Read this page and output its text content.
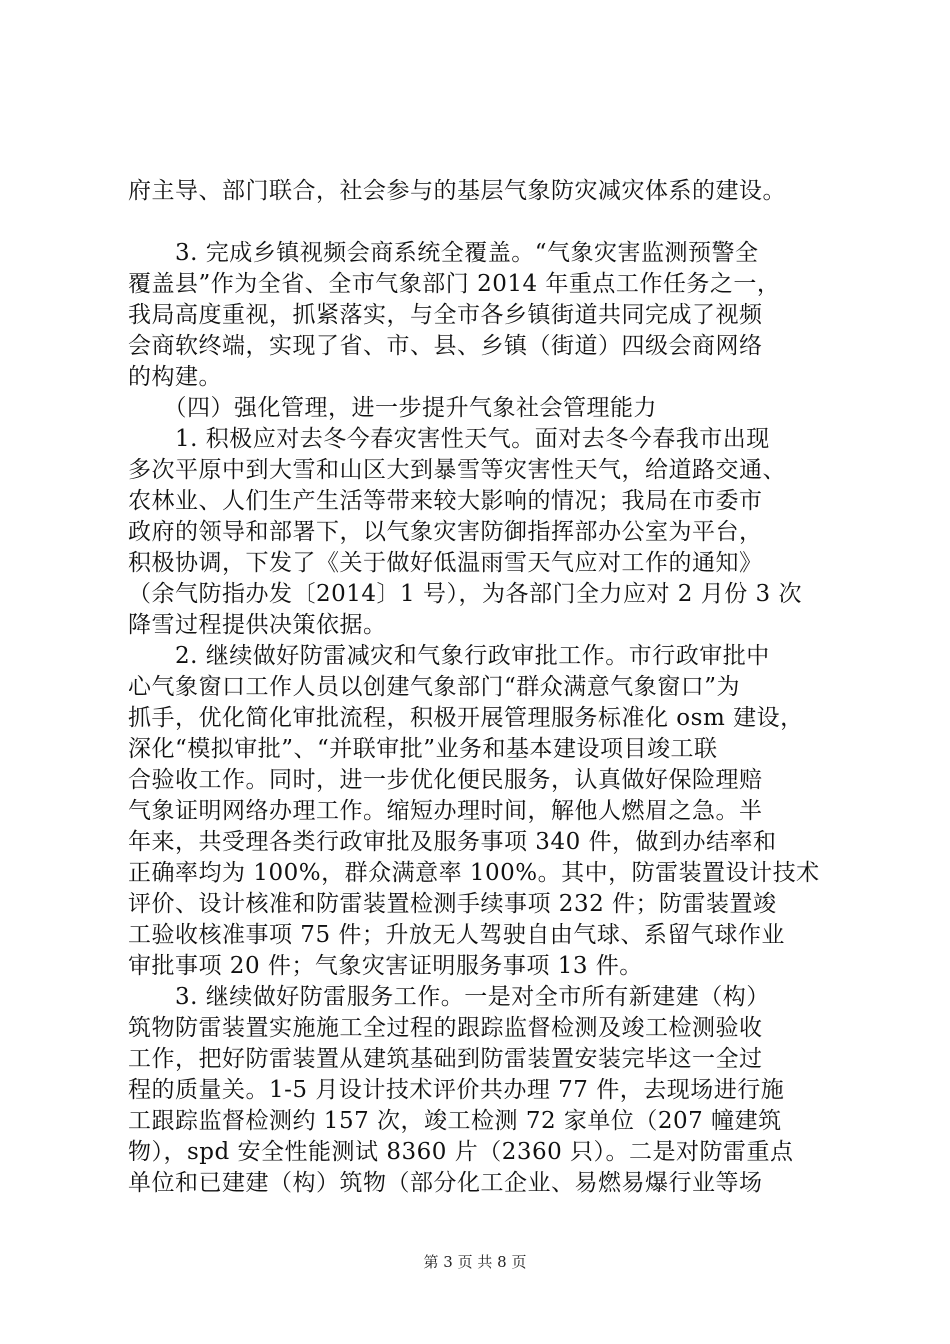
府主导、部门联合，社会参与的基层气象防灾减灾体系的建设。
　　3. 完成乡镇视频会商系统全覆盖。“气象灾害监测预警全
覆盖县”作为全省、全市气象部门 2014 年重点工作任务之一，
我局高度重视，抓紧落实，与全市各乡镇街道共同完成了视频
会商软终端，实现了省、市、县、乡镇（街道）四级会商网络
的构建。
　　（四）强化管理，进一步提升气象社会管理能力
　　1. 积极应对去冬今春灾害性天气。面对去冬今春我市出现
多次平原中到大雪和山区大到暴雪等灾害性天气，给道路交通、
农林业、人们生产生活等带来较大影响的情况；我局在市委市
政府的领导和部署下，以气象灾害防御指挥部办公室为平台，
积极协调，下发了《关于做好低温雨雪天气应对工作的通知》
（余气防指办发〔2014〕1 号），为各部门全力应对 2 月份 3 次
降雪过程提供决策依据。
　　2. 继续做好防雷减灾和气象行政审批工作。市行政审批中
心气象窗口工作人员以创建气象部门“群众满意气象窗口”为
抓手，优化简化审批流程，积极开展管理服务标准化 osm 建设，
深化“模拟审批”、“并联审批”业务和基本建设项目竣工联
合验收工作。同时，进一步优化便民服务，认真做好保险理赔
气象证明网络办理工作。缩短办理时间，解他人燃眉之急。半
年来，共受理各类行政审批及服务事项 340 件，做到办结率和
正确率均为 100%，群众满意率 100%。其中，防雷装置设计技术
评价、设计核准和防雷装置检测手续事项 232 件；防雷装置竣
工验收核准事项 75 件；升放无人驾驶自由气球、系留气球作业
审批事项 20 件；气象灾害证明服务事项 13 件。
　　3. 继续做好防雷服务工作。一是对全市所有新建建（构）
筑物防雷装置实施施工全过程的跟踪监督检测及竣工检测验收
工作，把好防雷装置从建筑基础到防雷装置安装完毕这一全过
程的质量关。1-5 月设计技术评价共办理 77 件，去现场进行施
工跟踪监督检测约 157 次，竣工检测 72 家单位（207 幢建筑
物），spd 安全性能测试 8360 片（2360 只）。二是对防雷重点
单位和已建建（构）筑物（部分化工企业、易燃易爆行业等场
第 3 页 共 8 页
